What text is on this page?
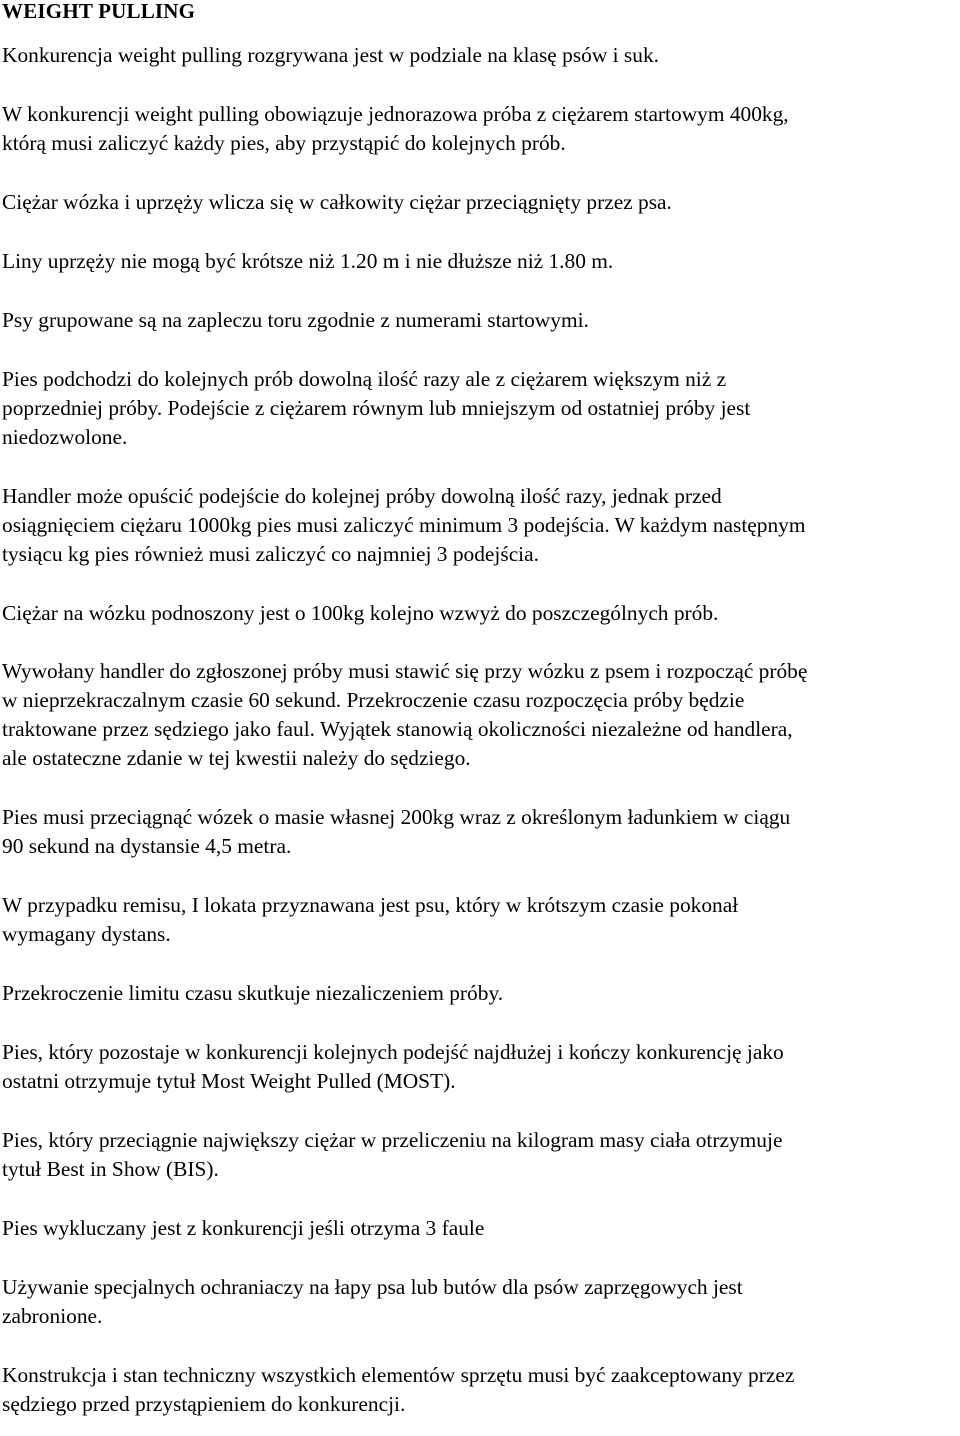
WEIGHT PULLING

Konkurencja weight pulling rozgrywana jest w podziale na klasę psów i suk.

W konkurencji weight pulling obowiązuje jednorazowa próba z ciężarem startowym 400kg,
którą musi zaliczyć każdy pies, aby przystąpić do kolejnych prób.

Ciężar wózka i uprzęży wlicza się w całkowity ciężar przeciągnięty przez psa.

Liny uprzęży nie mogą być krótsze niż 1.20 m i nie dłuższe niż 1.80 m.

Psy grupowane są na zapleczu toru zgodnie z numerami startowymi.

Pies podchodzi do kolejnych prób dowolną ilość razy ale z ciężarem większym niż z
poprzedniej próby. Podejście z ciężarem równym lub mniejszym od ostatniej próby jest
niedozwolone.

Handler może opuścić podejście do kolejnej próby dowolną ilość razy, jednak przed
osiągnięciem ciężaru 1000kg pies musi zaliczyć minimum 3 podejścia. W każdym następnym
tysiącu kg pies również musi zaliczyć co najmniej 3 podejścia.

Ciężar na wózku podnoszony jest o 100kg kolejno wzwyż do poszczególnych prób.

Wywołany handler do zgłoszonej próby musi stawić się przy wózku z psem i rozpocząć próbę
w nieprzekraczalnym czasie 60 sekund. Przekroczenie czasu rozpoczęcia próby będzie
traktowane przez sędziego jako faul. Wyjątek stanowią okoliczności niezależne od handlera,
ale ostateczne zdanie w tej kwestii należy do sędziego.

Pies musi przeciągnąć wózek o masie własnej 200kg wraz z określonym ładunkiem w ciągu
90 sekund na dystansie 4,5 metra.

W przypadku remisu, I lokata przyznawana jest psu, który w krótszym czasie pokonał
wymagany dystans.

Przekroczenie limitu czasu skutkuje niezaliczeniem próby.

Pies, który pozostaje w konkurencji kolejnych podejść najdłużej i kończy konkurencję jako
ostatni otrzymuje tytuł Most Weight Pulled (MOST).

Pies, który przeciągnie największy ciężar w przeliczeniu na kilogram masy ciała otrzymuje
tytuł Best in Show (BIS).

Pies wykluczany jest z konkurencji jeśli otrzyma 3 faule

Używanie specjalnych ochraniaczy na łapy psa lub butów dla psów zaprzęgowych jest
zabronione.

Konstrukcja i stan techniczny wszystkich elementów sprzętu musi być zaakceptowany przez
sędziego przed przystąpieniem do konkurencji.
